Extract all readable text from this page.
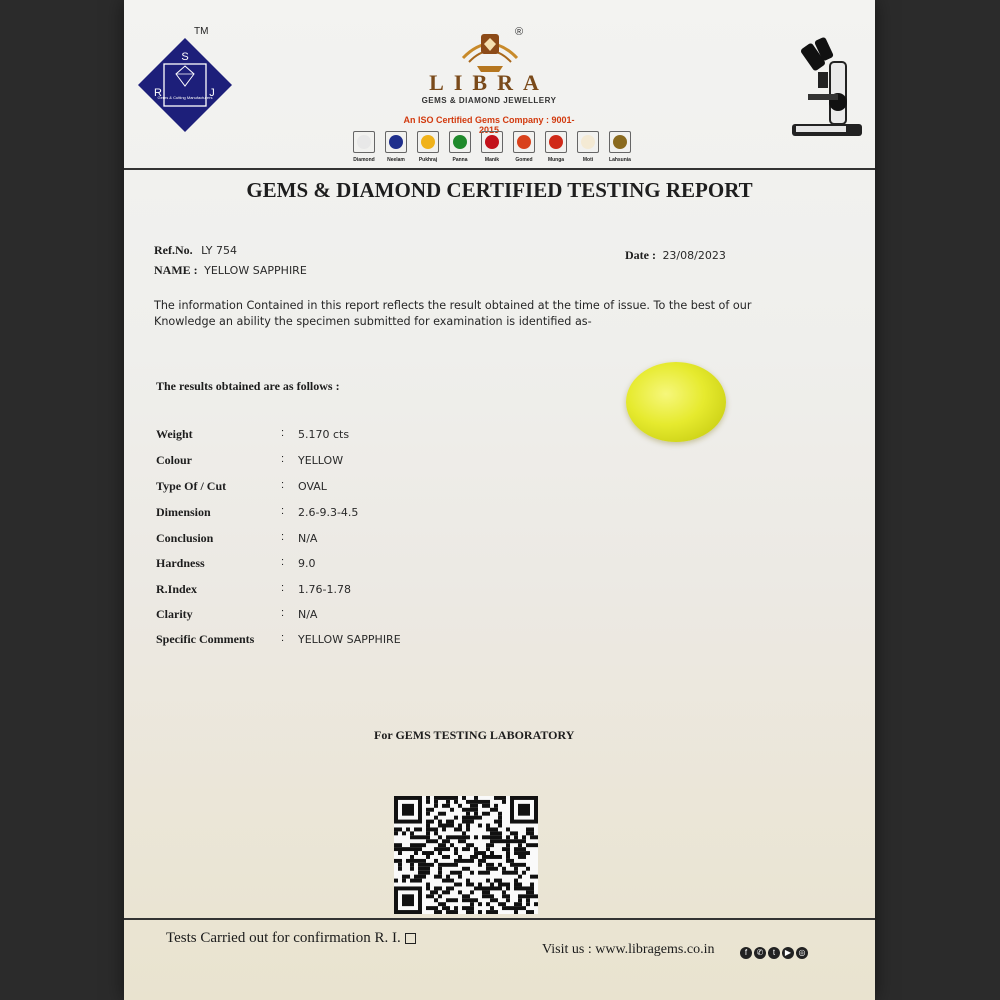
S
R	J
Gems & Cutting Manufacturers
TM	®
LIBRA
GEMS & DIAMOND JEWELLERY
An ISO Certified Gems Company : 9001-2015
Diamond	Neelam	Pukhraj	Panna	Manik	Gomed	Munga	Moti	Lahsunia
GEMS & DIAMOND CERTIFIED TESTING REPORT
Ref.No. LY 754
NAME : YELLOW SAPPHIRE
Date : 23/08/2023
The information Contained in this report reflects the result obtained at the time of issue. To the best of our
Knowledge an ability the specimen submitted for examination is identified as-
The results obtained are as follows :
Weight	: 5.170 cts
Colour	: YELLOW
Type Of / Cut	: OVAL
Dimension	: 2.6-9.3-4.5
Conclusion	: N/A
Hardness	: 9.0
R.Index	: 1.76-1.78
Clarity	: N/A
Specific Comments : YELLOW SAPPHIRE
For GEMS TESTING LABORATORY
Tests Carried out for confirmation R. I.
Visit us : www.libragems.co.in	f	✆	t	▶ ◎
